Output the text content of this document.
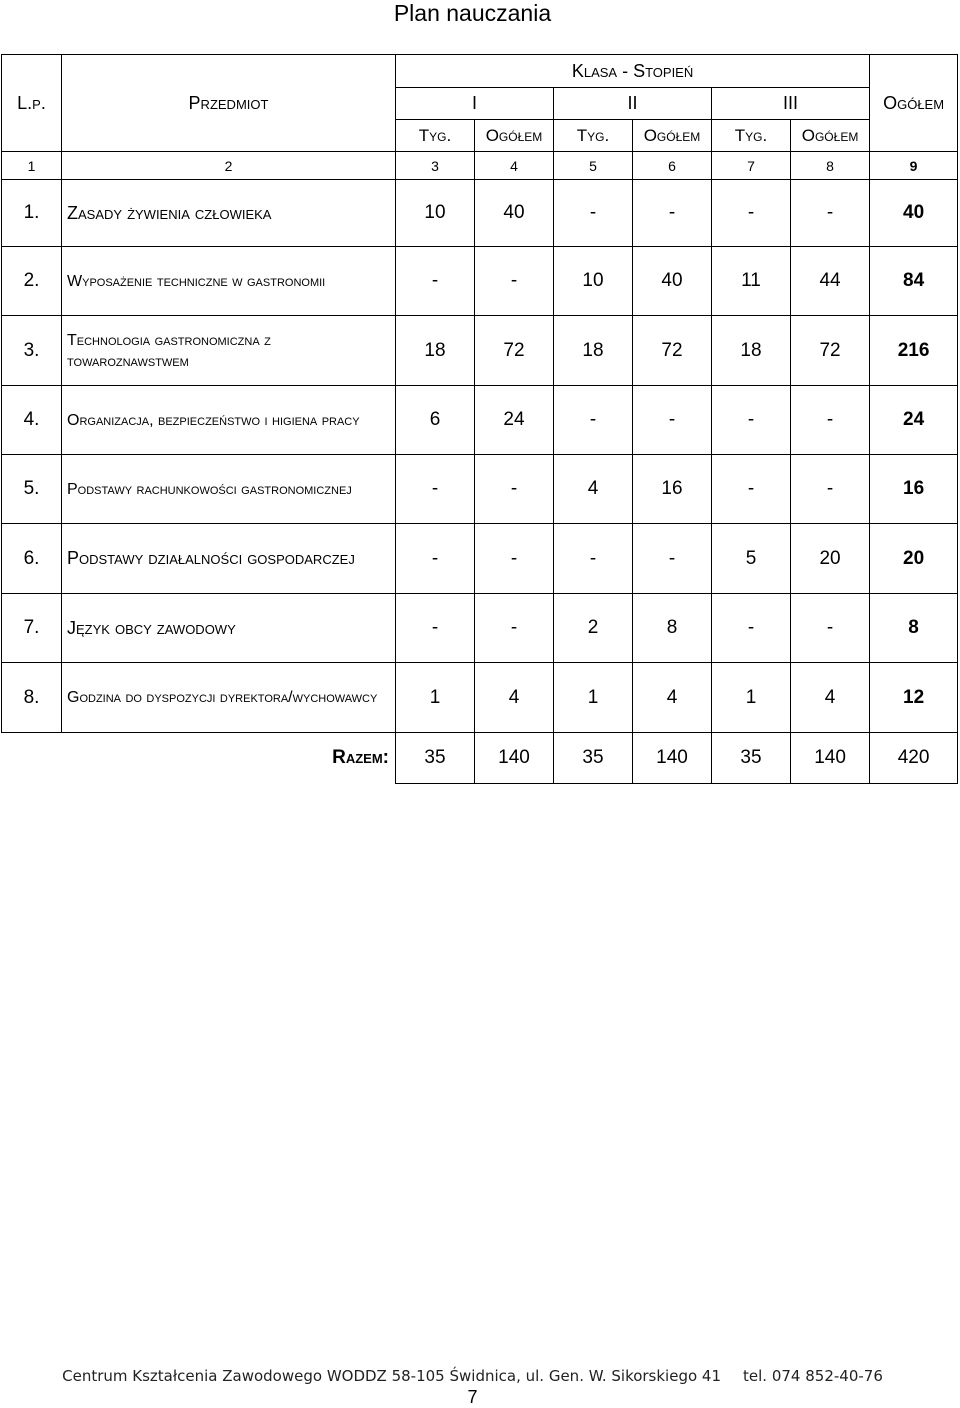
Plan nauczania
L.p.	Przedmiot	Klasa - Stopień						Ogółem
		I		II		III		
		Tyg.	Ogółem	Tyg.	Ogółem	Tyg.	Ogółem	
1	2	3	4	5	6	7	8	9
1.	Zasady żywienia człowieka	10	40	-	-	-	-	40
2.	Wyposażenie techniczne w gastronomii	-	-	10	40	11	44	84
3.	Technologia gastronomiczna z towaroznawstwem	18	72	18	72	18	72	216
4.	Organizacja, bezpieczeństwo i higiena pracy	6	24	-	-	-	-	24
5.	Podstawy rachunkowości gastronomicznej	-	-	4	16	-	-	16
6.	Podstawy działalności gospodarczej	-	-	-	-	5	20	20
7.	Język obcy zawodowy	-	-	2	8	-	-	8
8.	Godzina do dyspozycji dyrektora/wychowawcy	1	4	1	4	1	4	12
	Razem:	35	140	35	140	35	140	420
Centrum Kształcenia Zawodowego WODDZ 58-105 Świdnica, ul. Gen. W. Sikorskiego 41 tel. 074 852-40-76
7
